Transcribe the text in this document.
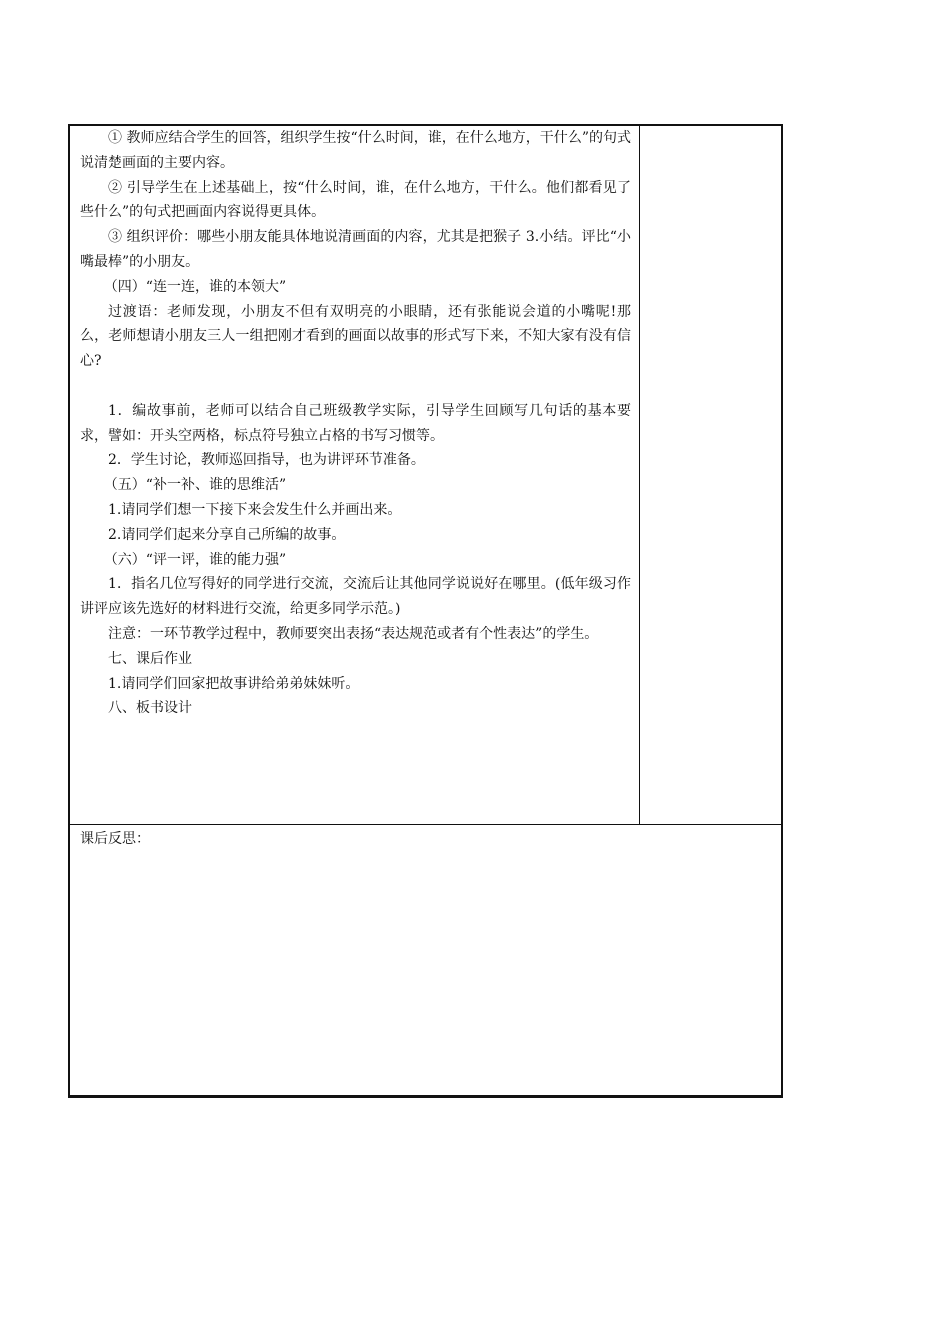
① 教师应结合学生的回答，组织学生按“什么时间，谁，在什么地方，干什么”的句式说清楚画面的主要内容。

② 引导学生在上述基础上，按“什么时间，谁，在什么地方，干什么。他们都看见了些什么”的句式把画面内容说得更具体。

③ 组织评价：哪些小朋友能具体地说清画面的内容，尤其是把猴子 3.小结。评比“小嘴最棒”的小朋友。

（四）“连一连，谁的本领大”

过渡语：老师发现，小朋友不但有双明亮的小眼睛，还有张能说会道的小嘴呢!那么，老师想请小朋友三人一组把刚才看到的画面以故事的形式写下来，不知大家有没有信心?

1．编故事前，老师可以结合自己班级教学实际，引导学生回顾写几句话的基本要求，譬如：开头空两格，标点符号独立占格的书写习惯等。

2．学生讨论，教师巡回指导，也为讲评环节准备。

（五）“补一补、谁的思维活”

1.请同学们想一下接下来会发生什么并画出来。

2.请同学们起来分享自己所编的故事。

（六）“评一评，谁的能力强”

1．指名几位写得好的同学进行交流，交流后让其他同学说说好在哪里。(低年级习作讲评应该先选好的材料进行交流，给更多同学示范。)

注意：一环节教学过程中，教师要突出表扬“表达规范或者有个性表达”的学生。

七、课后作业

1.请同学们回家把故事讲给弟弟妹妹听。

八、板书设计

课后反思：
